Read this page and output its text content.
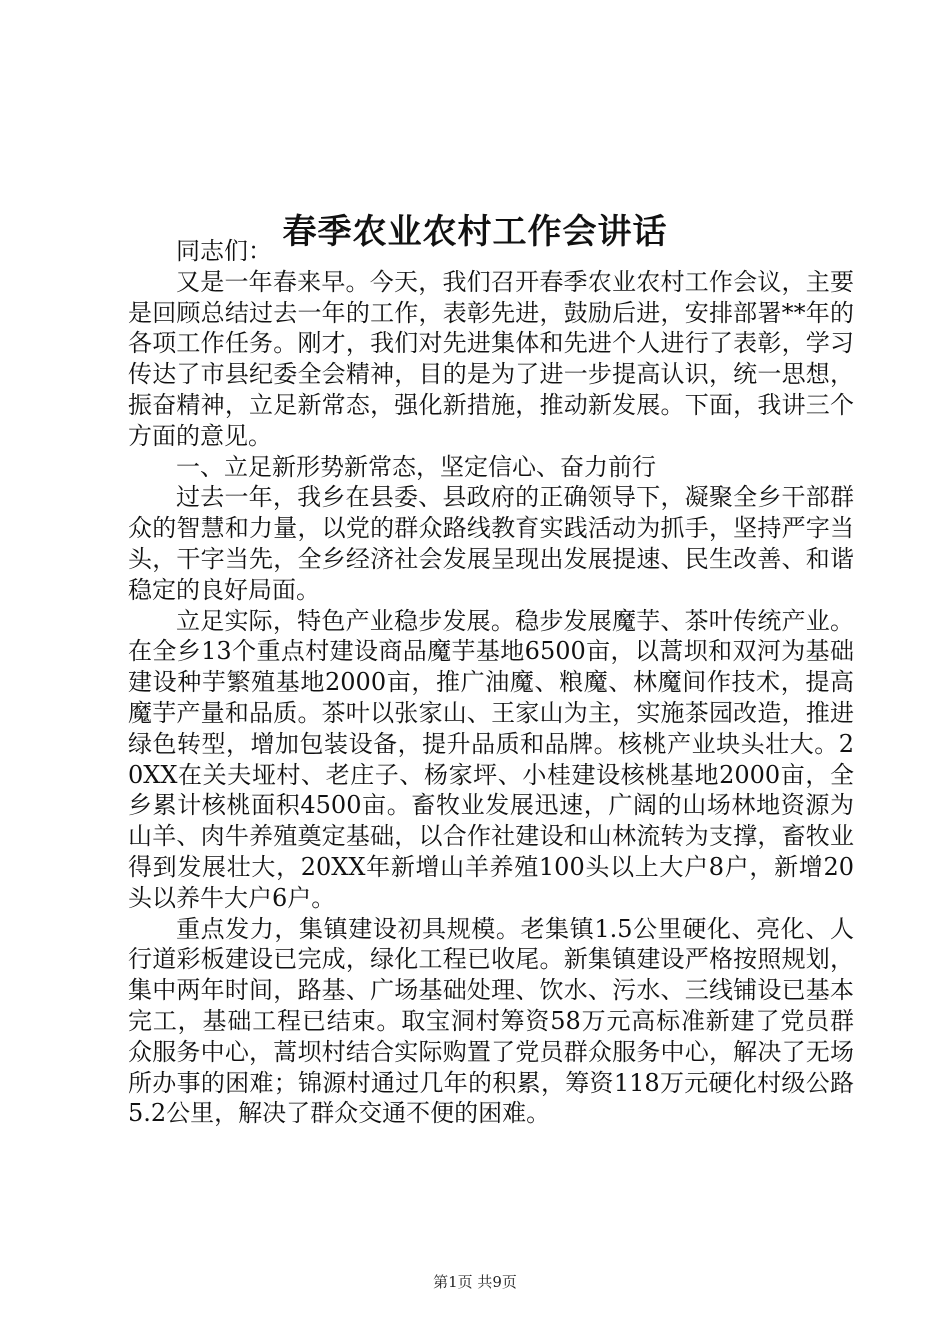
春季农业农村工作会讲话

同志们：

又是一年春来早。今天，我们召开春季农业农村工作会议，主要是回顾总结过去一年的工作，表彰先进，鼓励后进，安排部署**年的各项工作任务。刚才，我们对先进集体和先进个人进行了表彰，学习传达了市县纪委全会精神，目的是为了进一步提高认识，统一思想，振奋精神，立足新常态，强化新措施，推动新发展。下面，我讲三个方面的意见。

一、立足新形势新常态，坚定信心、奋力前行

过去一年，我乡在县委、县政府的正确领导下，凝聚全乡干部群众的智慧和力量，以党的群众路线教育实践活动为抓手，坚持严字当头，干字当先，全乡经济社会发展呈现出发展提速、民生改善、和谐稳定的良好局面。

立足实际，特色产业稳步发展。稳步发展魔芋、茶叶传统产业。在全乡13个重点村建设商品魔芋基地6500亩，以蒿坝和双河为基础建设种芋繁殖基地2000亩，推广油魔、粮魔、林魔间作技术，提高魔芋产量和品质。茶叶以张家山、王家山为主，实施茶园改造，推进绿色转型，增加包装设备，提升品质和品牌。核桃产业块头壮大。20XX在关夫垭村、老庄子、杨家坪、小桂建设核桃基地2000亩，全乡累计核桃面积4500亩。畜牧业发展迅速，广阔的山场林地资源为山羊、肉牛养殖奠定基础，以合作社建设和山林流转为支撑，畜牧业得到发展壮大，20XX年新增山羊养殖100头以上大户8户，新增20头以养牛大户6户。

重点发力，集镇建设初具规模。老集镇1.5公里硬化、亮化、人行道彩板建设已完成，绿化工程已收尾。新集镇建设严格按照规划，集中两年时间，路基、广场基础处理、饮水、污水、三线铺设已基本完工，基础工程已结束。取宝洞村筹资58万元高标准新建了党员群众服务中心，蒿坝村结合实际购置了党员群众服务中心，解决了无场所办事的困难；锦源村通过几年的积累，筹资118万元硬化村级公路5.2公里，解决了群众交通不便的困难。

第1页 共9页
